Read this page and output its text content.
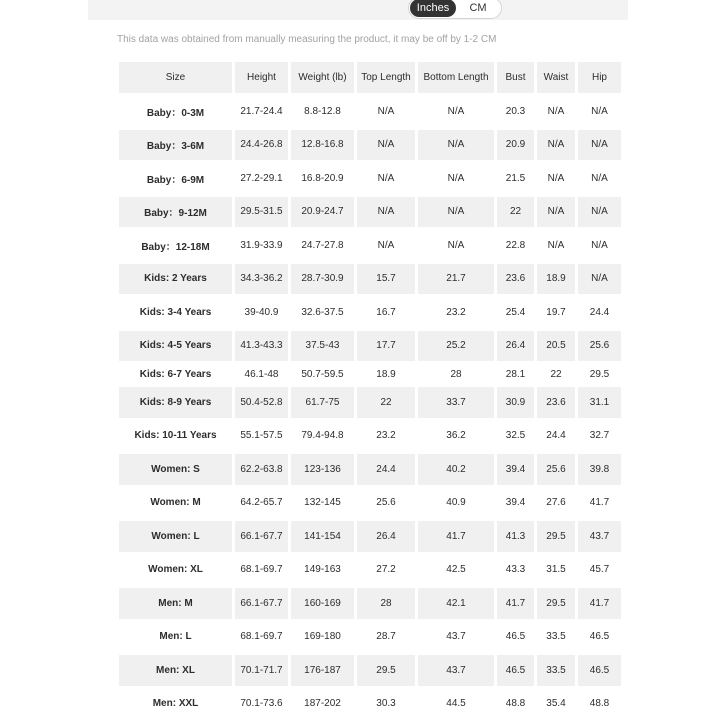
Inches	CM
This data was obtained from manually measuring the product, it may be off by 1-2 CM
Size	Height	Weight (lb)	Top Length	Bottom Length	Bust	Waist	Hip
Baby：0-3M	21.7-24.4	8.8-12.8	N/A	N/A	20.3	N/A	N/A
Baby：3-6M	24.4-26.8	12.8-16.8	N/A	N/A	20.9	N/A	N/A
Baby：6-9M	27.2-29.1	16.8-20.9	N/A	N/A	21.5	N/A	N/A
Baby：9-12M	29.5-31.5	20.9-24.7	N/A	N/A	22	N/A	N/A
Baby：12-18M	31.9-33.9	24.7-27.8	N/A	N/A	22.8	N/A	N/A
Kids: 2 Years	34.3-36.2	28.7-30.9	15.7	21.7	23.6	18.9	N/A
Kids: 3-4 Years	39-40.9	32.6-37.5	16.7	23.2	25.4	19.7	24.4
Kids: 4-5 Years	41.3-43.3	37.5-43	17.7	25.2	26.4	20.5	25.6
Kids: 6-7 Years	46.1-48	50.7-59.5	18.9	28	28.1	22	29.5
Kids: 8-9 Years	50.4-52.8	61.7-75	22	33.7	30.9	23.6	31.1
Kids: 10-11 Years	55.1-57.5	79.4-94.8	23.2	36.2	32.5	24.4	32.7
Women: S	62.2-63.8	123-136	24.4	40.2	39.4	25.6	39.8
Women: M	64.2-65.7	132-145	25.6	40.9	39.4	27.6	41.7
Women: L	66.1-67.7	141-154	26.4	41.7	41.3	29.5	43.7
Women: XL	68.1-69.7	149-163	27.2	42.5	43.3	31.5	45.7
Men: M	66.1-67.7	160-169	28	42.1	41.7	29.5	41.7
Men: L	68.1-69.7	169-180	28.7	43.7	46.5	33.5	46.5
Men: XL	70.1-71.7	176-187	29.5	43.7	46.5	33.5	46.5
Men: XXL	70.1-73.6	187-202	30.3	44.5	48.8	35.4	48.8
